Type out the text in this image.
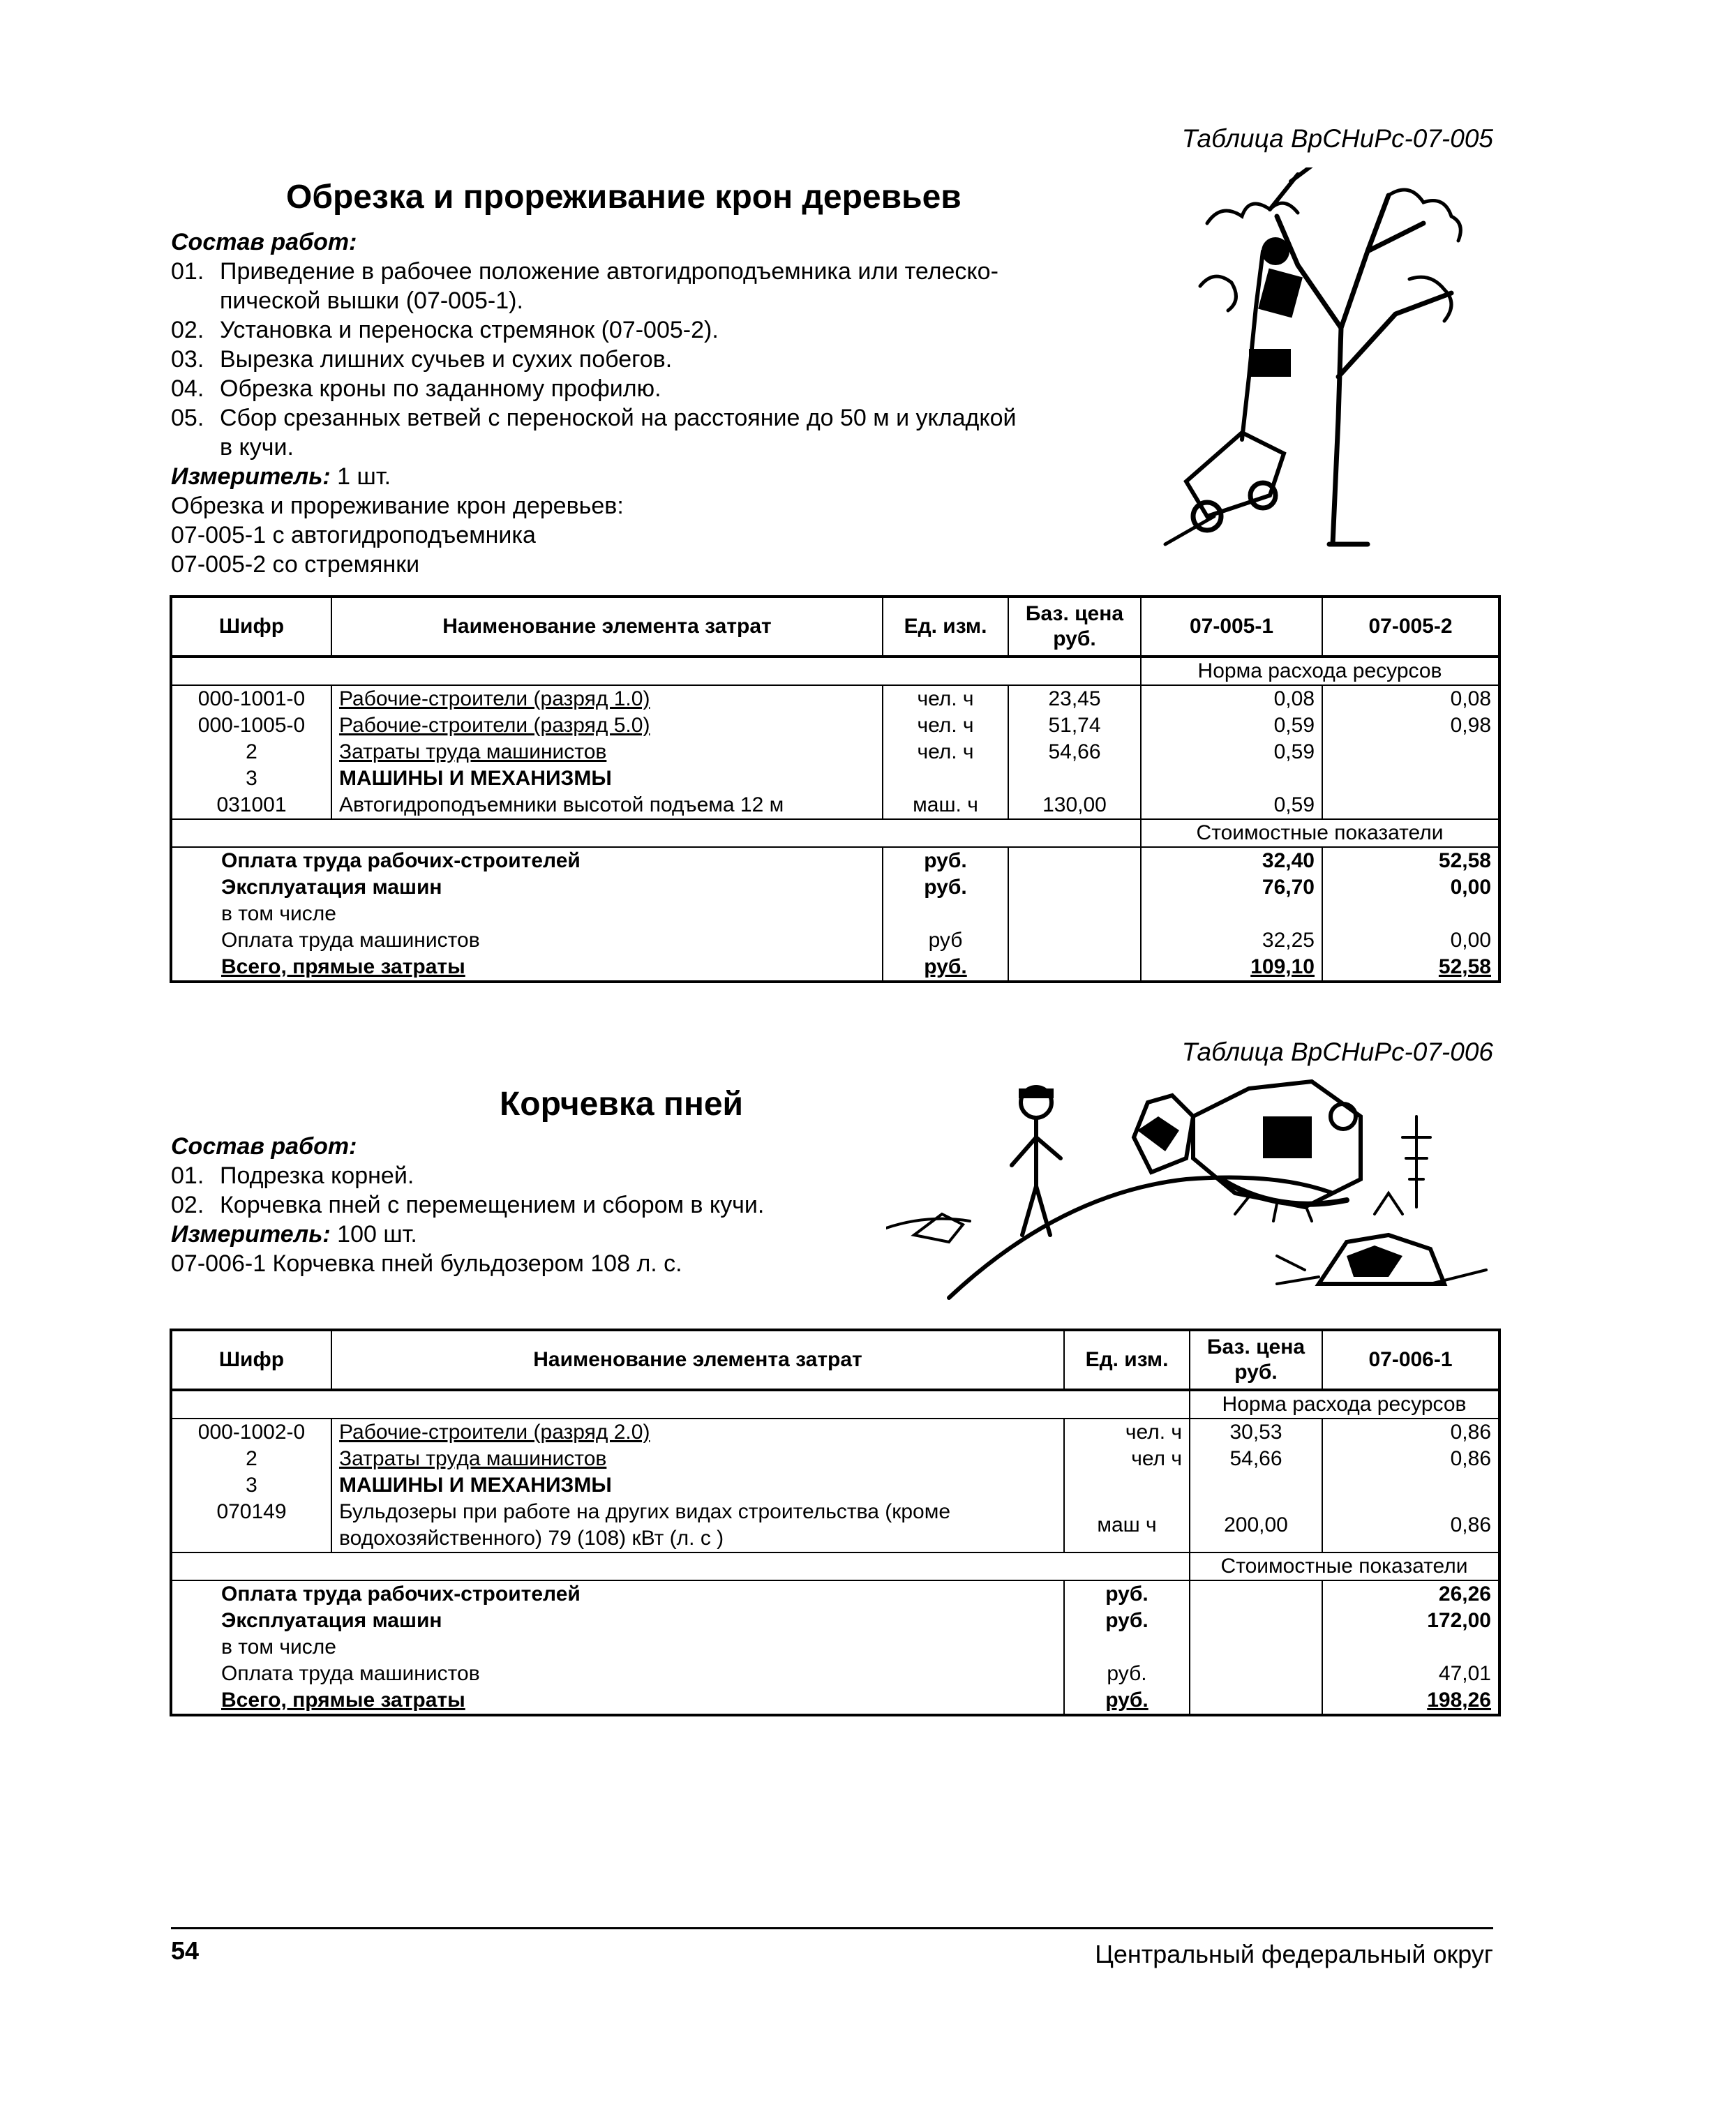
Таблица ВрСНиРс-07-005
Обрезка и прореживание крон деревьев
Состав работ:
01. Приведение в рабочее положение автогидроподъемника или телеско-
пической вышки (07-005-1).
02. Установка и переноска стремянок (07-005-2).
03. Вырезка лишних сучьев и сухих побегов.
04. Обрезка кроны по заданному профилю.
05. Сбор срезанных ветвей с переноской на расстояние до 50 м и укладкой
в кучи.
Измеритель: 1 шт.
Обрезка и прореживание крон деревьев:
07-005-1 с автогидроподъемника
07-005-2 со стремянки
Шифр	Наименование элемента затрат	Ед. изм.	Баз. цена руб.	07-005-1	07-005-2
				Норма расхода ресурсов	
000-1001-0	Рабочие-строители (разряд 1.0)	чел. ч	23,45	0,08	0,08
000-1005-0	Рабочие-строители (разряд 5.0)	чел. ч	51,74	0,59	0,98
2	Затраты труда машинистов	чел. ч	54,66	0,59	
3	МАШИНЫ И МЕХАНИЗМЫ				
031001	Автогидроподъемники высотой подъема 12 м	маш. ч	130,00	0,59	
				Стоимостные показатели	
Оплата труда рабочих-строителей		руб.		32,40	52,58
Эксплуатация машин		руб.		76,70	0,00
в том числе					
Оплата труда машинистов		руб		32,25	0,00
Всего, прямые затраты		руб.		109,10	52,58
Таблица ВрСНиРс-07-006
Корчевка пней
Состав работ:
01. Подрезка корней.
02. Корчевка пней с перемещением и сбором в кучи.
Измеритель: 100 шт.
07-006-1 Корчевка пней бульдозером 108 л. с.
Шифр	Наименование элемента затрат	Ед. изм.	Баз. цена руб.	07-006-1
			Норма расхода ресурсов	
000-1002-0	Рабочие-строители (разряд 2.0)	чел. ч	30,53	0,86
2	Затраты труда машинистов	чел ч	54,66	0,86
3	МАШИНЫ И МЕХАНИЗМЫ			
070149	Бульдозеры при работе на других видах строительства (кроме водохозяйственного) 79 (108) кВт (л. с )	маш ч	200,00	0,86
			Стоимостные показатели	
Оплата труда рабочих-строителей		руб.		26,26
Эксплуатация машин		руб.		172,00
в том числе				
Оплата труда машинистов		руб.		47,01
Всего, прямые затраты		руб.		198,26
54	Центральный федеральный округ
